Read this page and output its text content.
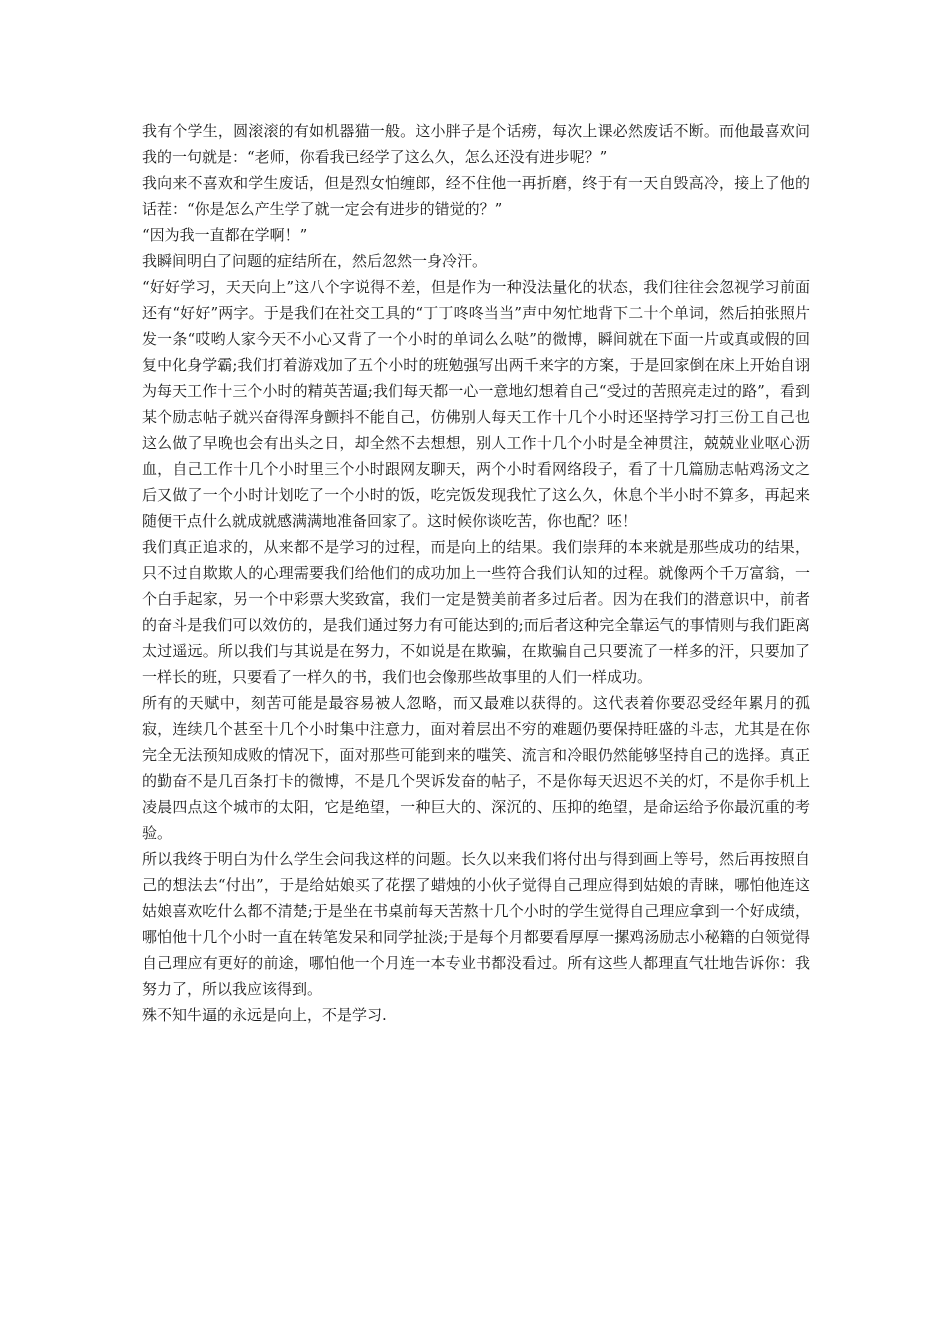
我有个学生，圆滚滚的有如机器猫一般。这小胖子是个话痨，每次上课必然废话不断。而他最喜欢问我的一句就是：“老师，你看我已经学了这么久，怎么还没有进步呢？”

我向来不喜欢和学生废话，但是烈女怕缠郎，经不住他一再折磨，终于有一天自毁高冷，接上了他的话茬：“你是怎么产生学了就一定会有进步的错觉的？”

“因为我一直都在学啊！”

我瞬间明白了问题的症结所在，然后忽然一身冷汗。

“好好学习，天天向上”这八个字说得不差，但是作为一种没法量化的状态，我们往往会忽视学习前面还有“好好”两字。于是我们在社交工具的“丁丁咚咚当当”声中匆忙地背下二十个单词，然后拍张照片发一条“哎哟人家今天不小心又背了一个小时的单词么么哒”的微博，瞬间就在下面一片或真或假的回复中化身学霸;我们打着游戏加了五个小时的班勉强写出两千来字的方案，于是回家倒在床上开始自诩为每天工作十三个小时的精英苦逼;我们每天都一心一意地幻想着自己“受过的苦照亮走过的路”，看到某个励志帖子就兴奋得浑身颤抖不能自己，仿佛别人每天工作十几个小时还坚持学习打三份工自己也这么做了早晚也会有出头之日，却全然不去想想，别人工作十几个小时是全神贯注，兢兢业业呕心沥血，自己工作十几个小时里三个小时跟网友聊天，两个小时看网络段子，看了十几篇励志帖鸡汤文之后又做了一个小时计划吃了一个小时的饭，吃完饭发现我忙了这么久，休息个半小时不算多，再起来随便干点什么就成就感满满地准备回家了。这时候你谈吃苦，你也配？呸！

我们真正追求的，从来都不是学习的过程，而是向上的结果。我们崇拜的本来就是那些成功的结果，只不过自欺欺人的心理需要我们给他们的成功加上一些符合我们认知的过程。就像两个千万富翁，一个白手起家，另一个中彩票大奖致富，我们一定是赞美前者多过后者。因为在我们的潜意识中，前者的奋斗是我们可以效仿的，是我们通过努力有可能达到的;而后者这种完全靠运气的事情则与我们距离太过遥远。所以我们与其说是在努力，不如说是在欺骗，在欺骗自己只要流了一样多的汗，只要加了一样长的班，只要看了一样久的书，我们也会像那些故事里的人们一样成功。

所有的天赋中，刻苦可能是最容易被人忽略，而又最难以获得的。这代表着你要忍受经年累月的孤寂，连续几个甚至十几个小时集中注意力，面对着层出不穷的难题仍要保持旺盛的斗志，尤其是在你完全无法预知成败的情况下，面对那些可能到来的嗤笑、流言和冷眼仍然能够坚持自己的选择。真正的勤奋不是几百条打卡的微博，不是几个哭诉发奋的帖子，不是你每天迟迟不关的灯，不是你手机上凌晨四点这个城市的太阳，它是绝望，一种巨大的、深沉的、压抑的绝望，是命运给予你最沉重的考验。

所以我终于明白为什么学生会问我这样的问题。长久以来我们将付出与得到画上等号，然后再按照自己的想法去“付出”，于是给姑娘买了花摆了蜡烛的小伙子觉得自己理应得到姑娘的青睐，哪怕他连这姑娘喜欢吃什么都不清楚;于是坐在书桌前每天苦熬十几个小时的学生觉得自己理应拿到一个好成绩，哪怕他十几个小时一直在转笔发呆和同学扯淡;于是每个月都要看厚厚一摞鸡汤励志小秘籍的白领觉得自己理应有更好的前途，哪怕他一个月连一本专业书都没看过。所有这些人都理直气壮地告诉你：我努力了，所以我应该得到。

殊不知牛逼的永远是向上，不是学习.
